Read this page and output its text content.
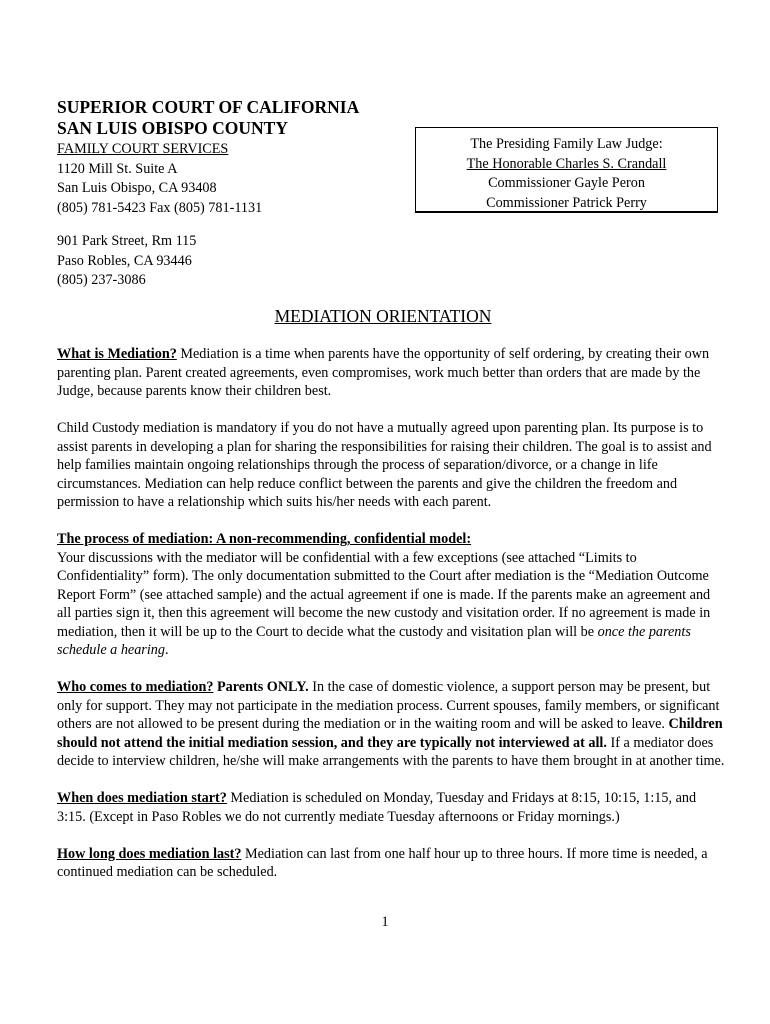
SUPERIOR COURT OF CALIFORNIA
SAN LUIS OBISPO COUNTY
FAMILY COURT SERVICES
1120 Mill St. Suite A
San Luis Obispo, CA 93408
(805) 781-5423 Fax (805) 781-1131
The Presiding Family Law Judge:
The Honorable Charles S. Crandall
Commissioner Gayle Peron
Commissioner Patrick Perry
901 Park Street, Rm 115
Paso Robles, CA 93446
(805) 237-3086
MEDIATION ORIENTATION

What is Mediation? Mediation is a time when parents have the opportunity of self ordering, by creating their own parenting plan. Parent created agreements, even compromises, work much better than orders that are made by the Judge, because parents know their children best.

Child Custody mediation is mandatory if you do not have a mutually agreed upon parenting plan. Its purpose is to assist parents in developing a plan for sharing the responsibilities for raising their children. The goal is to assist and help families maintain ongoing relationships through the process of separation/divorce, or a change in life circumstances. Mediation can help reduce conflict between the parents and give the children the freedom and permission to have a relationship which suits his/her needs with each parent.

The process of mediation: A non-recommending, confidential model:
Your discussions with the mediator will be confidential with a few exceptions (see attached “Limits to Confidentiality” form). The only documentation submitted to the Court after mediation is the “Mediation Outcome Report Form” (see attached sample) and the actual agreement if one is made. If the parents make an agreement and all parties sign it, then this agreement will become the new custody and visitation order. If no agreement is made in mediation, then it will be up to the Court to decide what the custody and visitation plan will be once the parents schedule a hearing.

Who comes to mediation? Parents ONLY. In the case of domestic violence, a support person may be present, but only for support. They may not participate in the mediation process. Current spouses, family members, or significant others are not allowed to be present during the mediation or in the waiting room and will be asked to leave. Children should not attend the initial mediation session, and they are typically not interviewed at all. If a mediator does decide to interview children, he/she will make arrangements with the parents to have them brought in at another time.

When does mediation start? Mediation is scheduled on Monday, Tuesday and Fridays at 8:15, 10:15, 1:15, and 3:15. (Except in Paso Robles we do not currently mediate Tuesday afternoons or Friday mornings.)

How long does mediation last? Mediation can last from one half hour up to three hours. If more time is needed, a continued mediation can be scheduled.

1
